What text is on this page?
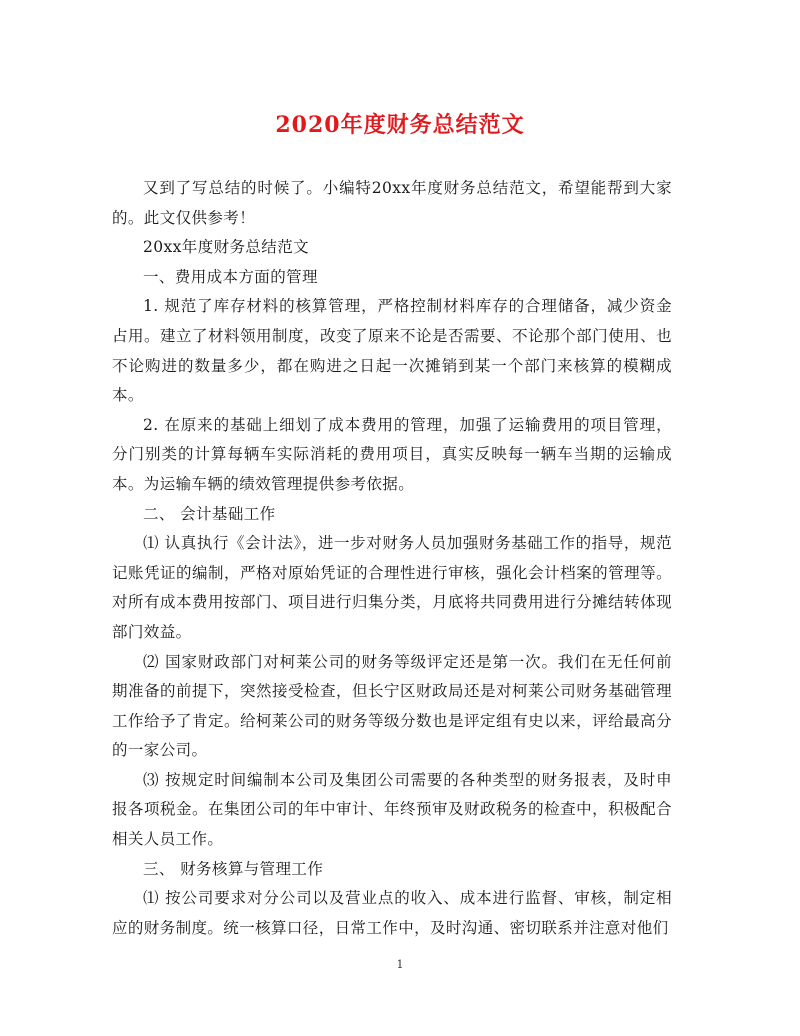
2020年度财务总结范文

又到了写总结的时候了。小编特20xx年度财务总结范文，希望能帮到大家的。此文仅供参考！

20xx年度财务总结范文

一、费用成本方面的管理

1. 规范了库存材料的核算管理，严格控制材料库存的合理储备，减少资金占用。建立了材料领用制度，改变了原来不论是否需要、不论那个部门使用、也不论购进的数量多少，都在购进之日起一次摊销到某一个部门来核算的模糊成本。

2. 在原来的基础上细划了成本费用的管理，加强了运输费用的项目管理，分门别类的计算每辆车实际消耗的费用项目，真实反映每一辆车当期的运输成本。为运输车辆的绩效管理提供参考依据。

二、 会计基础工作

⑴ 认真执行《会计法》，进一步对财务人员加强财务基础工作的指导，规范记账凭证的编制，严格对原始凭证的合理性进行审核，强化会计档案的管理等。对所有成本费用按部门、项目进行归集分类，月底将共同费用进行分摊结转体现部门效益。

⑵ 国家财政部门对柯莱公司的财务等级评定还是第一次。我们在无任何前期准备的前提下，突然接受检查，但长宁区财政局还是对柯莱公司财务基础管理工作给予了肯定。给柯莱公司的财务等级分数也是评定组有史以来，评给最高分的一家公司。

⑶ 按规定时间编制本公司及集团公司需要的各种类型的财务报表，及时申报各项税金。在集团公司的年中审计、年终预审及财政税务的检查中，积极配合相关人员工作。

三、 财务核算与管理工作

⑴ 按公司要求对分公司以及营业点的收入、成本进行监督、审核，制定相应的财务制度。统一核算口径，日常工作中，及时沟通、密切联系并注意对他们

1
